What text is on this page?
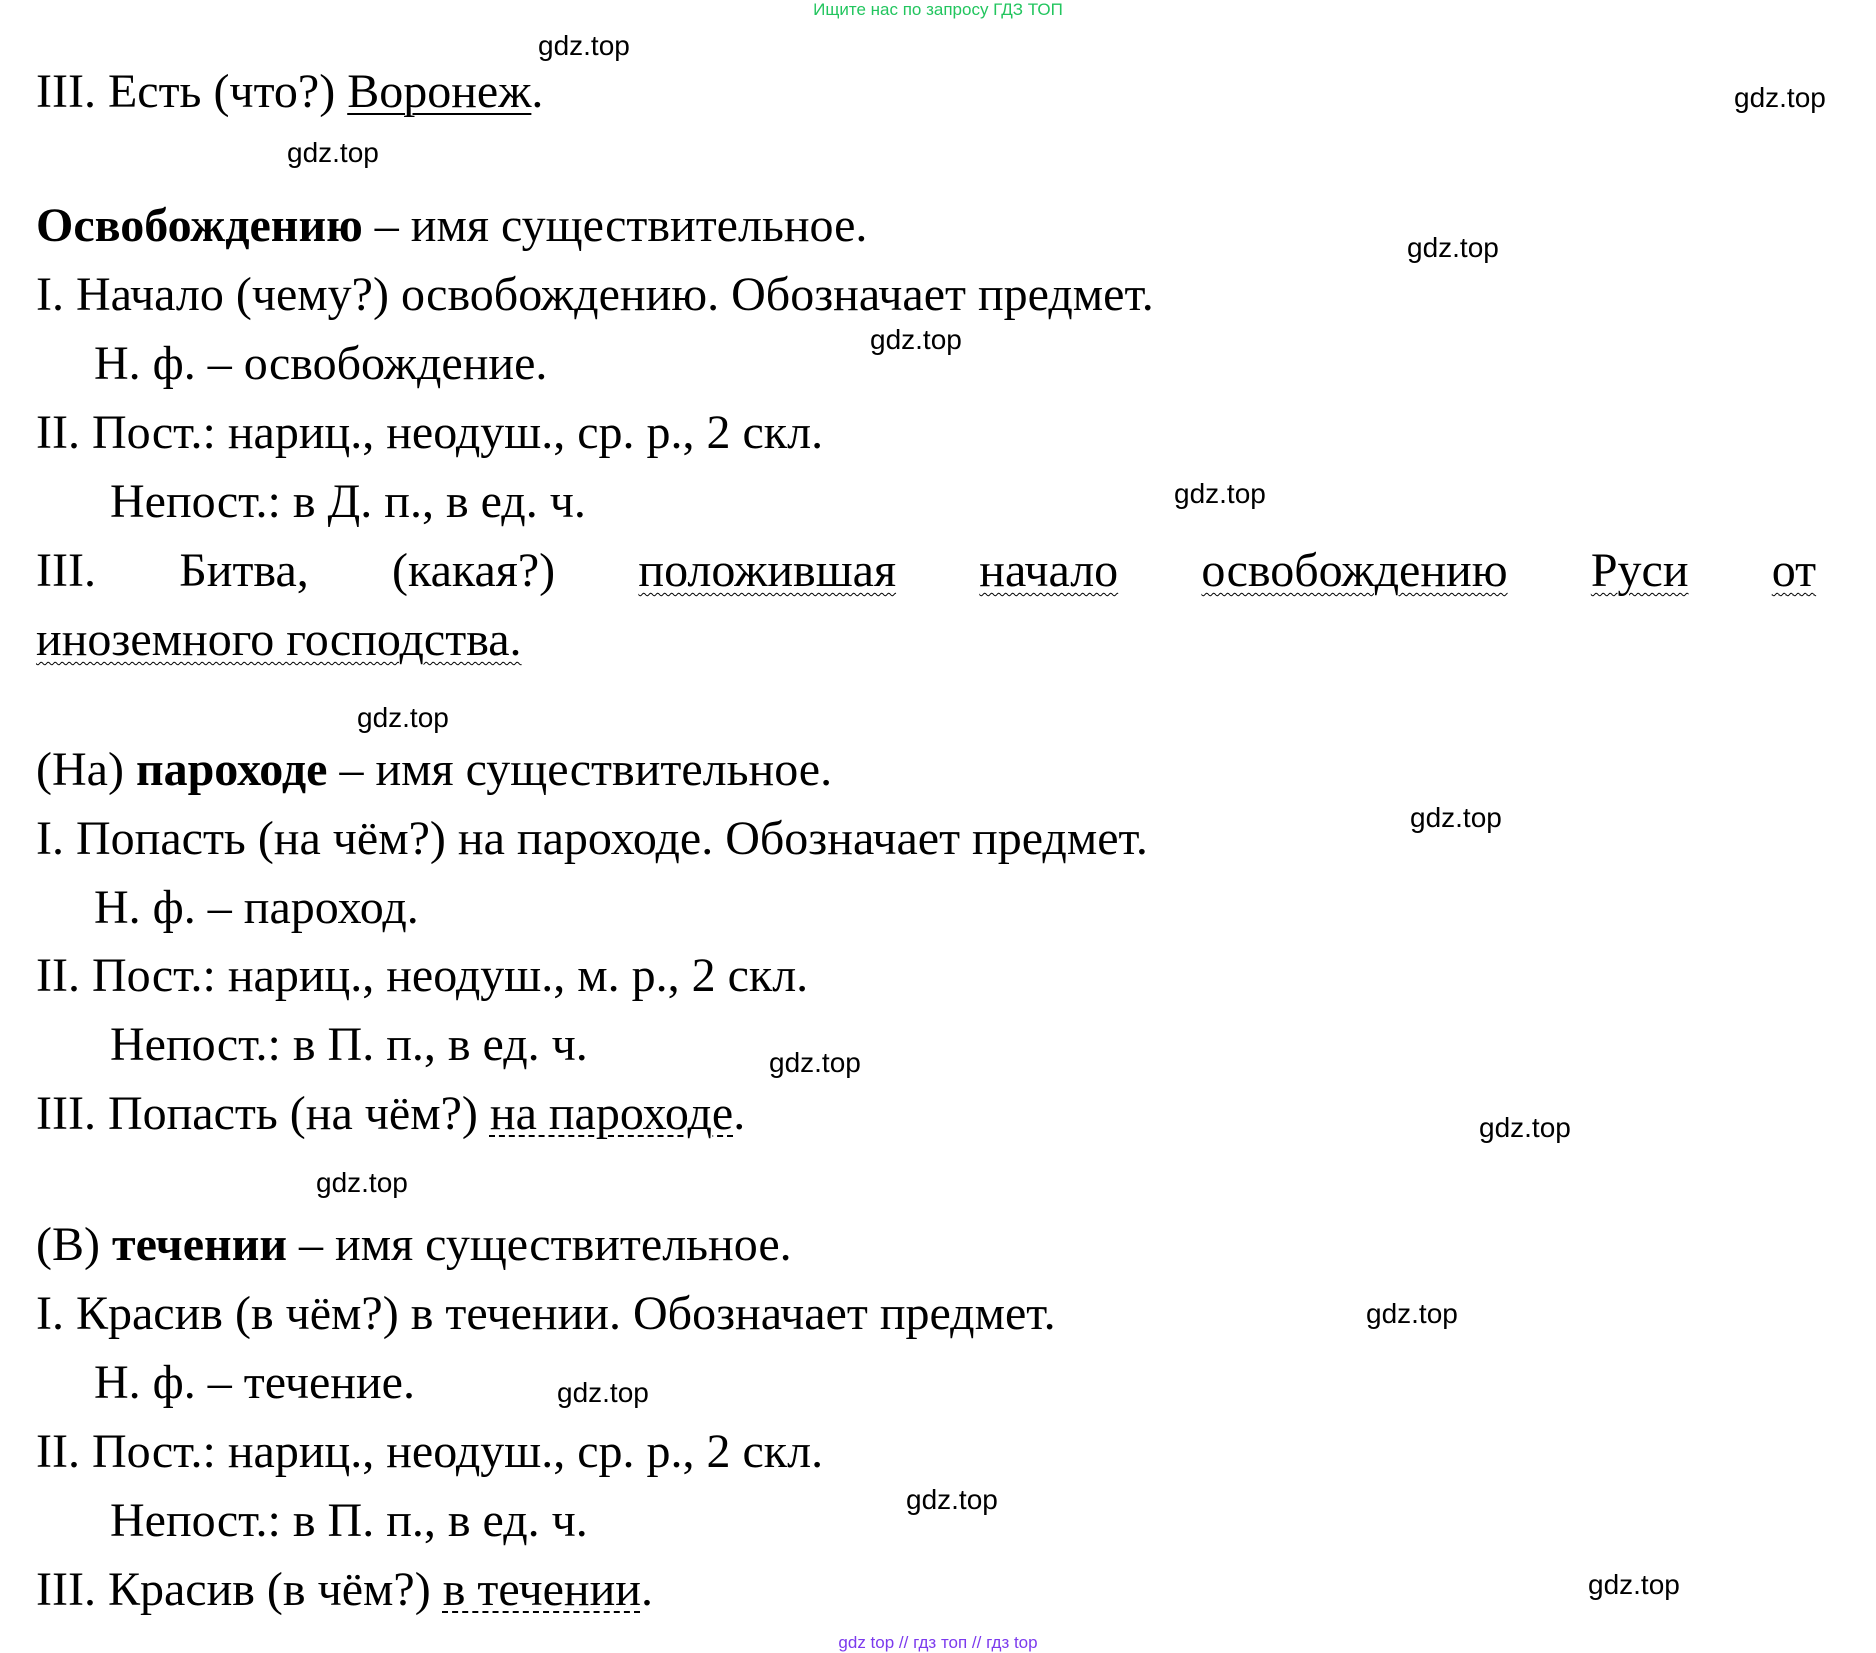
Ищите нас по запросу ГДЗ ТОП
III. Есть (что?) Воронеж.
Освобождению – имя существительное.
I. Начало (чему?) освобождению. Обозначает предмет.
Н. ф. – освобождение.
II. Пост.: нариц., неодуш., ср. р., 2 скл.
Непост.: в Д. п., в ед. ч.
III. Битва, (какая?) положившая начало освобождению Руси от
иноземного господства.
(На) пароходе – имя существительное.
I. Попасть (на чём?) на пароходе. Обозначает предмет.
Н. ф. – пароход.
II. Пост.: нариц., неодуш., м. р., 2 скл.
Непост.: в П. п., в ед. ч.
III. Попасть (на чём?) на пароходе.
(В) течении – имя существительное.
I. Красив (в чём?) в течении. Обозначает предмет.
Н. ф. – течение.
II. Пост.: нариц., неодуш., ср. р., 2 скл.
Непост.: в П. п., в ед. ч.
III. Красив (в чём?) в течении.
gdz.top
gdz.top
gdz.top
gdz.top
gdz.top
gdz.top
gdz.top
gdz.top
gdz.top
gdz.top
gdz.top
gdz.top
gdz.top
gdz.top
gdz.top
gdz top // гдз топ // гдз top
